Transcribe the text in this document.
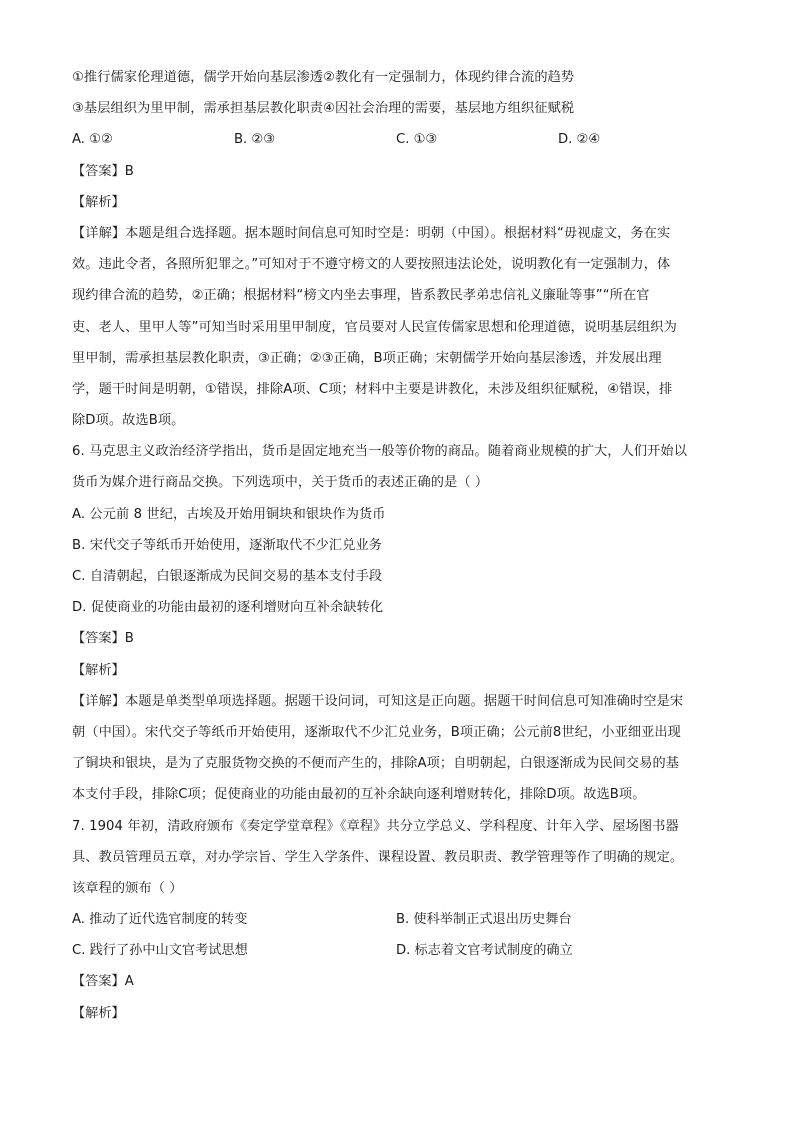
①推行儒家伦理道德，儒学开始向基层渗透②教化有一定强制力，体现约律合流的趋势
③基层组织为里甲制，需承担基层教化职责④因社会治理的需要，基层地方组织征赋税
A. ①②	B. ②③	C. ①③	D. ②④
【答案】B
【解析】
【详解】本题是组合选择题。据本题时间信息可知时空是：明朝（中国）。根据材料“毋视虚文，务在实
效。违此令者，各照所犯罪之。”可知对于不遵守榜文的人要按照违法论处，说明教化有一定强制力，体
现约律合流的趋势，②正确；根据材料“榜文内坐去事理，皆系教民孝弟忠信礼义廉耻等事”“所在官
吏、老人、里甲人等”可知当时采用里甲制度，官员要对人民宣传儒家思想和伦理道德，说明基层组织为
里甲制，需承担基层教化职责，③正确；②③正确，B项正确；宋朝儒学开始向基层渗透，并发展出理
学，题干时间是明朝，①错误，排除A项、C项；材料中主要是讲教化，未涉及组织征赋税，④错误，排
除D项。故选B项。
6. 马克思主义政治经济学指出，货币是固定地充当一般等价物的商品。随着商业规模的扩大，人们开始以
货币为媒介进行商品交换。下列选项中，关于货币的表述正确的是（ ）
A. 公元前 8 世纪，古埃及开始用铜块和银块作为货币
B. 宋代交子等纸币开始使用，逐渐取代不少汇兑业务
C. 自清朝起，白银逐渐成为民间交易的基本支付手段
D. 促使商业的功能由最初的逐利增财向互补余缺转化
【答案】B
【解析】
【详解】本题是单类型单项选择题。据题干设问词，可知这是正向题。据题干时间信息可知准确时空是宋
朝（中国）。宋代交子等纸币开始使用，逐渐取代不少汇兑业务，B项正确；公元前8世纪，小亚细亚出现
了铜块和银块，是为了克服货物交换的不便而产生的，排除A项；自明朝起，白银逐渐成为民间交易的基
本支付手段，排除C项；促使商业的功能由最初的互补余缺向逐利增财转化，排除D项。故选B项。
7. 1904 年初，清政府颁布《奏定学堂章程》《章程》共分立学总义、学科程度、计年入学、屋场图书器
具、教员管理员五章，对办学宗旨、学生入学条件、课程设置、教员职责、教学管理等作了明确的规定。
该章程的颁布（ ）
A. 推动了近代选官制度的转变	B. 使科举制正式退出历史舞台
C. 践行了孙中山文官考试思想	D. 标志着文官考试制度的确立
【答案】A
【解析】
